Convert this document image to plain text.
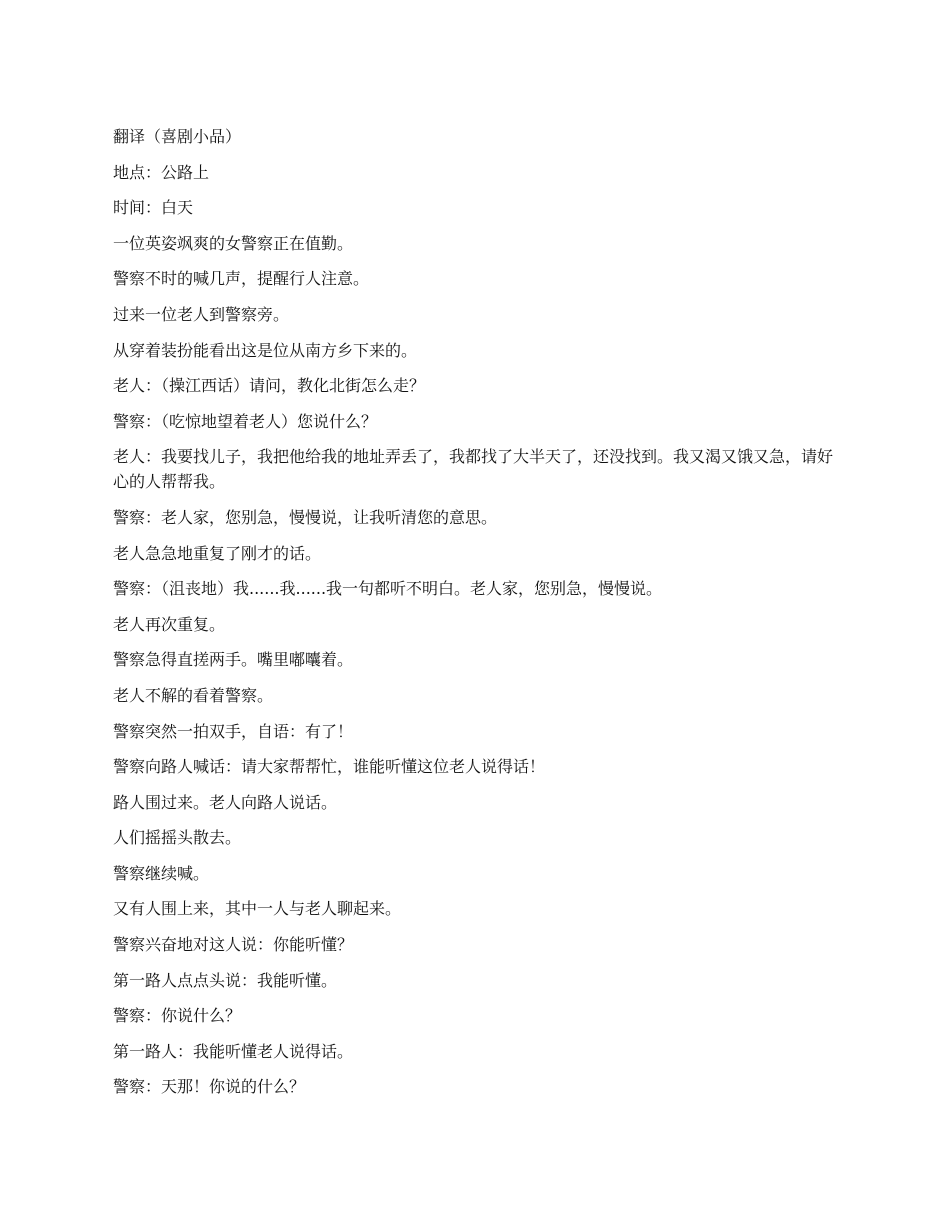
翻译（喜剧小品）

地点：公路上

时间：白天

一位英姿飒爽的女警察正在值勤。

警察不时的喊几声，提醒行人注意。

过来一位老人到警察旁。

从穿着装扮能看出这是位从南方乡下来的。

老人：（操江西话）请问，教化北街怎么走？

警察：（吃惊地望着老人）您说什么？

老人：我要找儿子，我把他给我的地址弄丢了，我都找了大半天了，还没找到。我又渴又饿又急，请好心的人帮帮我。

警察：老人家，您别急，慢慢说，让我听清您的意思。

老人急急地重复了刚才的话。

警察：（沮丧地）我......我......我一句都听不明白。老人家，您别急，慢慢说。

老人再次重复。

警察急得直搓两手。嘴里嘟囔着。

老人不解的看着警察。

警察突然一拍双手，自语：有了！

警察向路人喊话：请大家帮帮忙，谁能听懂这位老人说得话！

路人围过来。老人向路人说话。

人们摇摇头散去。

警察继续喊。

又有人围上来，其中一人与老人聊起来。

警察兴奋地对这人说：你能听懂？

第一路人点点头说：我能听懂。

警察：你说什么？

第一路人：我能听懂老人说得话。

警察：天那！你说的什么？
